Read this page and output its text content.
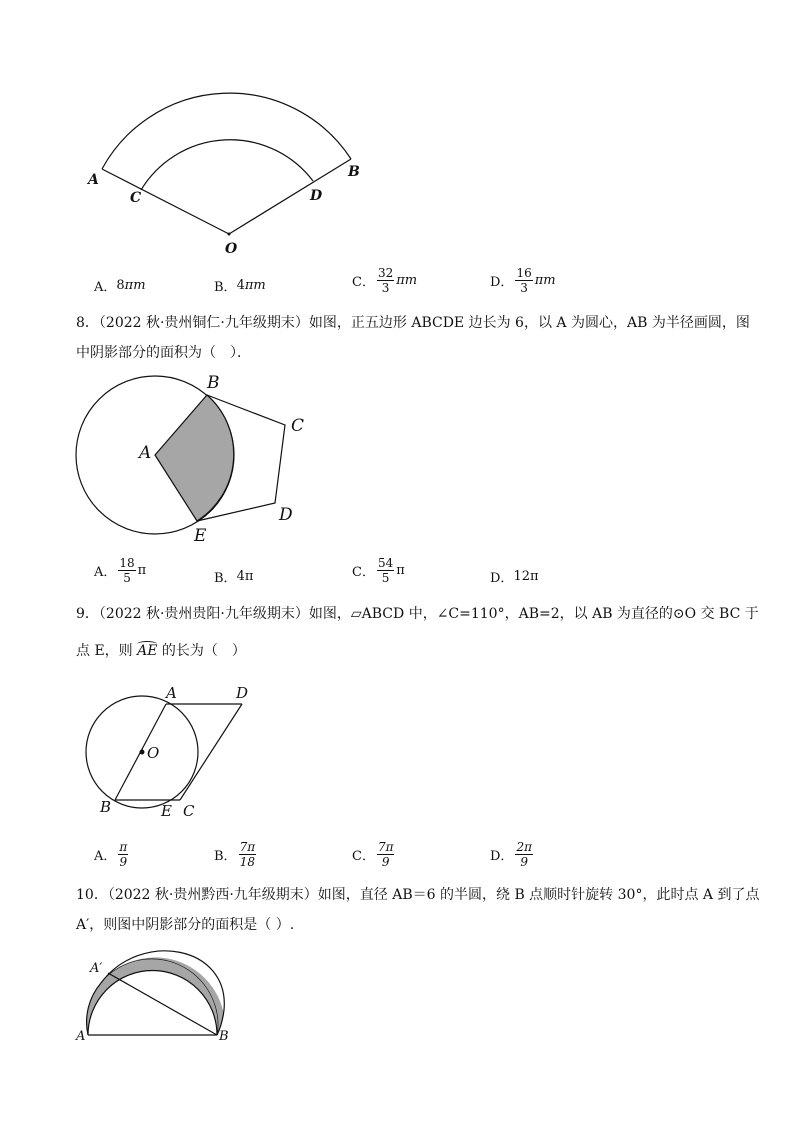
A	B
C	D
O
A． 8 πm	B． 4 πm	C． $\frac{32}{3}$ πm	D． $\frac{16}{3}$ πm
8．（2022 秋·贵州铜仁·九年级期末）如图，正五边形 ABCDE 边长为 6，以 A 为圆心，AB 为半径画圆，图
中阴影部分的面积为（　）．
B
C
A
D
E
A． $\frac{18}{5}$ π
B． 4π	C． $\frac{54}{5}$ π
D． 12π
9．（2022 秋·贵州贵阳·九年级期末）如图，▱ABCD 中，∠C=110°，AB=2，以 AB 为直径的⊙O 交 BC 于
点 E，则 AE 的长为（　）
A	D
O
B	E C
A． $\frac{\pi}{9}$	B． $\frac{7\pi}{18}$	C． $\frac{7\pi}{9}$	D． $\frac{2\pi}{9}$
10．（2022 秋·贵州黔西·九年级期末）如图，直径 AB＝6 的半圆，绕 B 点顺时针旋转 30°，此时点 A 到了点
A′，则图中阴影部分的面积是（ ）.
A′
A	B
